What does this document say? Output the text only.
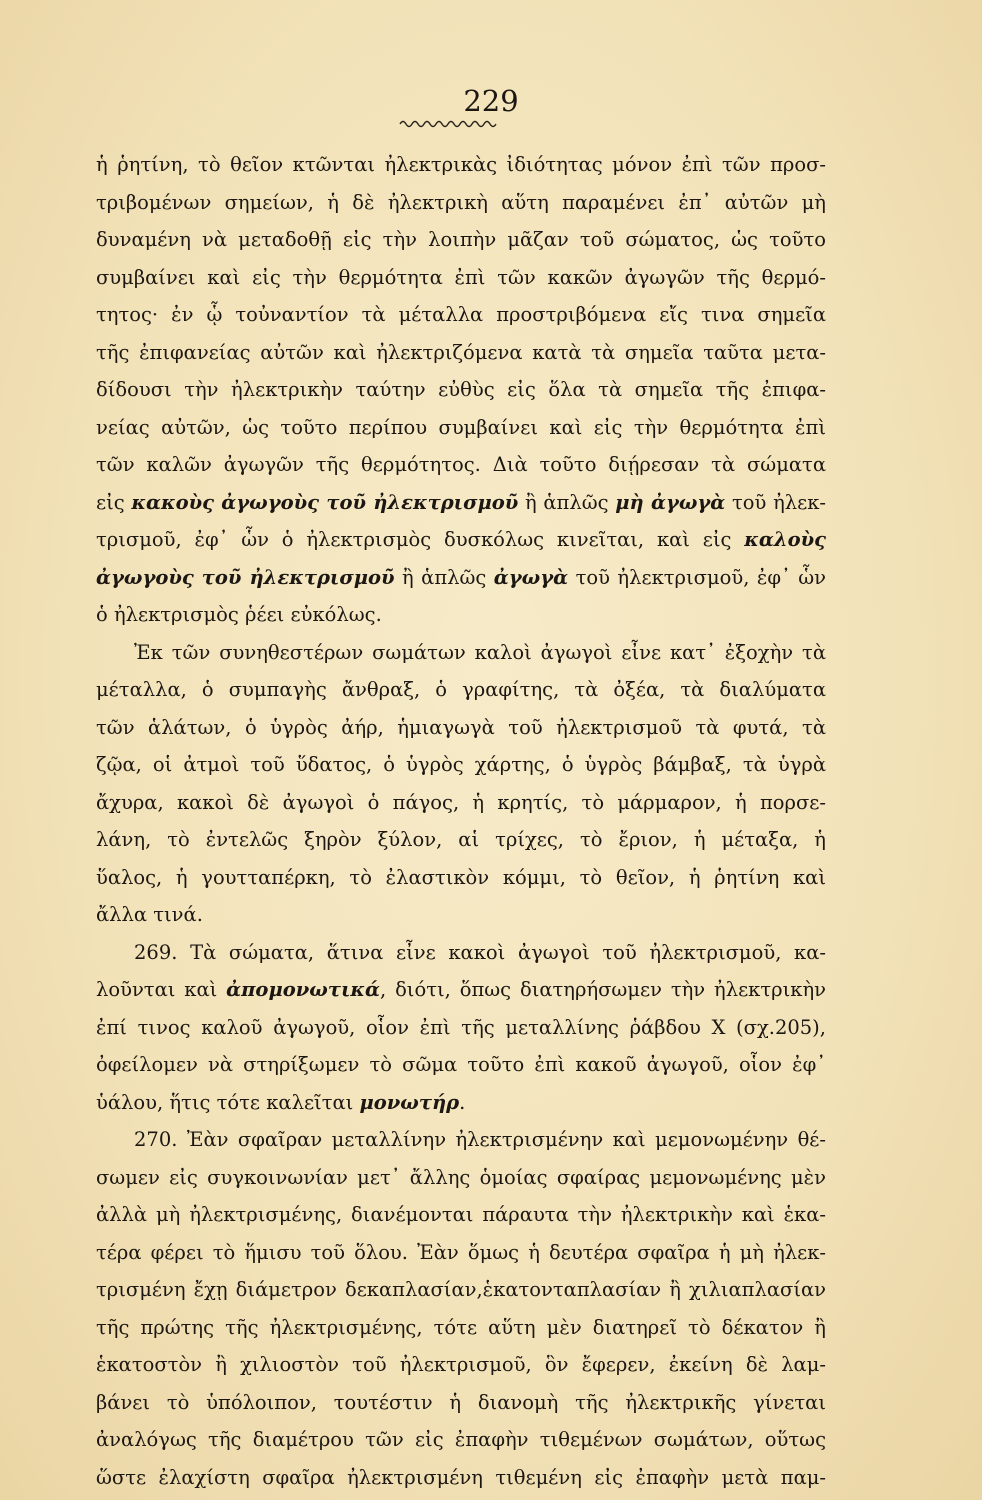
229
ἡ ῥητίνη, τὸ θεῖον κτῶνται ἠλεκτρικὰς ἰδιότητας μόνον ἐπὶ τῶν προσ-
τριβομένων σημείων, ἡ δὲ ἠλεκτρικὴ αὕτη παραμένει ἐπ᾽ αὐτῶν μὴ
δυναμένη νὰ μεταδοθῇ εἰς τὴν λοιπὴν μᾶζαν τοῦ σώματος, ὡς τοῦτο
συμβαίνει καὶ εἰς τὴν θερμότητα ἐπὶ τῶν κακῶν ἀγωγῶν τῆς θερμό-
τητος· ἐν ᾧ τοὐναντίον τὰ μέταλλα προστριβόμενα εἴς τινα σημεῖα
τῆς ἐπιφανείας αὐτῶν καὶ ἠλεκτριζόμενα κατὰ τὰ σημεῖα ταῦτα μετα-
δίδουσι τὴν ἠλεκτρικὴν ταύτην εὐθὺς εἰς ὅλα τὰ σημεῖα τῆς ἐπιφα-
νείας αὐτῶν, ὡς τοῦτο περίπου συμβαίνει καὶ εἰς τὴν θερμότητα ἐπὶ
τῶν καλῶν ἀγωγῶν τῆς θερμότητος. Διὰ τοῦτο διῄρεσαν τὰ σώματα
εἰς κακοὺς ἀγωγοὺς τοῦ ἠλεκτρισμοῦ ἢ ἁπλῶς μὴ ἀγωγὰ τοῦ ἠλεκ-
τρισμοῦ, ἐφ᾽ ὧν ὁ ἠλεκτρισμὸς δυσκόλως κινεῖται, καὶ εἰς καλοὺς
ἀγωγοὺς τοῦ ἠλεκτρισμοῦ ἢ ἁπλῶς ἀγωγὰ τοῦ ἠλεκτρισμοῦ, ἐφ᾽ ὧν
ὁ ἠλεκτρισμὸς ῥέει εὐκόλως.
Ἐκ τῶν συνηθεστέρων σωμάτων καλοὶ ἀγωγοὶ εἶνε κατ᾽ ἐξοχὴν τὰ
μέταλλα, ὁ συμπαγὴς ἄνθραξ, ὁ γραφίτης, τὰ ὀξέα, τὰ διαλύματα
τῶν ἁλάτων, ὁ ὑγρὸς ἀήρ, ἡμιαγωγὰ τοῦ ἠλεκτρισμοῦ τὰ φυτά, τὰ
ζῷα, οἱ ἀτμοὶ τοῦ ὕδατος, ὁ ὑγρὸς χάρτης, ὁ ὑγρὸς βάμβαξ, τὰ ὑγρὰ
ἄχυρα, κακοὶ δὲ ἀγωγοὶ ὁ πάγος, ἡ κρητίς, τὸ μάρμαρον, ἡ πορσε-
λάνη, τὸ ἐντελῶς ξηρὸν ξύλον, αἱ τρίχες, τὸ ἔριον, ἡ μέταξα, ἡ
ὕαλος, ἡ γουτταπέρκη, τὸ ἐλαστικὸν κόμμι, τὸ θεῖον, ἡ ῥητίνη καὶ
ἄλλα τινά.
269. Τὰ σώματα, ἅτινα εἶνε κακοὶ ἀγωγοὶ τοῦ ἠλεκτρισμοῦ, κα-
λοῦνται καὶ ἀπομονωτικά, διότι, ὅπως διατηρήσωμεν τὴν ἠλεκτρικὴν
ἐπί τινος καλοῦ ἀγωγοῦ, οἷον ἐπὶ τῆς μεταλλίνης ῥάβδου X (σχ.205),
ὀφείλομεν νὰ στηρίξωμεν τὸ σῶμα τοῦτο ἐπὶ κακοῦ ἀγωγοῦ, οἷον ἐφ᾽
ὑάλου, ἥτις τότε καλεῖται μονωτήρ.
270. Ἐὰν σφαῖραν μεταλλίνην ἠλεκτρισμένην καὶ μεμονωμένην θέ-
σωμεν εἰς συγκοινωνίαν μετ᾽ ἄλλης ὁμοίας σφαίρας μεμονωμένης μὲν
ἀλλὰ μὴ ἠλεκτρισμένης, διανέμονται πάραυτα τὴν ἠλεκτρικὴν καὶ ἑκα-
τέρα φέρει τὸ ἥμισυ τοῦ ὅλου. Ἐὰν ὅμως ἡ δευτέρα σφαῖρα ἡ μὴ ἠλεκ-
τρισμένη ἔχῃ διάμετρον δεκαπλασίαν,ἑκατονταπλασίαν ἢ χιλιαπλασίαν
τῆς πρώτης τῆς ἠλεκτρισμένης, τότε αὕτη μὲν διατηρεῖ τὸ δέκατον ἢ
ἑκατοστὸν ἢ χιλιοστὸν τοῦ ἠλεκτρισμοῦ, ὃν ἔφερεν, ἐκείνη δὲ λαμ-
βάνει τὸ ὑπόλοιπον, τουτέστιν ἡ διανομὴ τῆς ἠλεκτρικῆς γίνεται
ἀναλόγως τῆς διαμέτρου τῶν εἰς ἐπαφὴν τιθεμένων σωμάτων, οὕτως
ὥστε ἐλαχίστη σφαῖρα ἠλεκτρισμένη τιθεμένη εἰς ἐπαφὴν μετὰ παμ-
